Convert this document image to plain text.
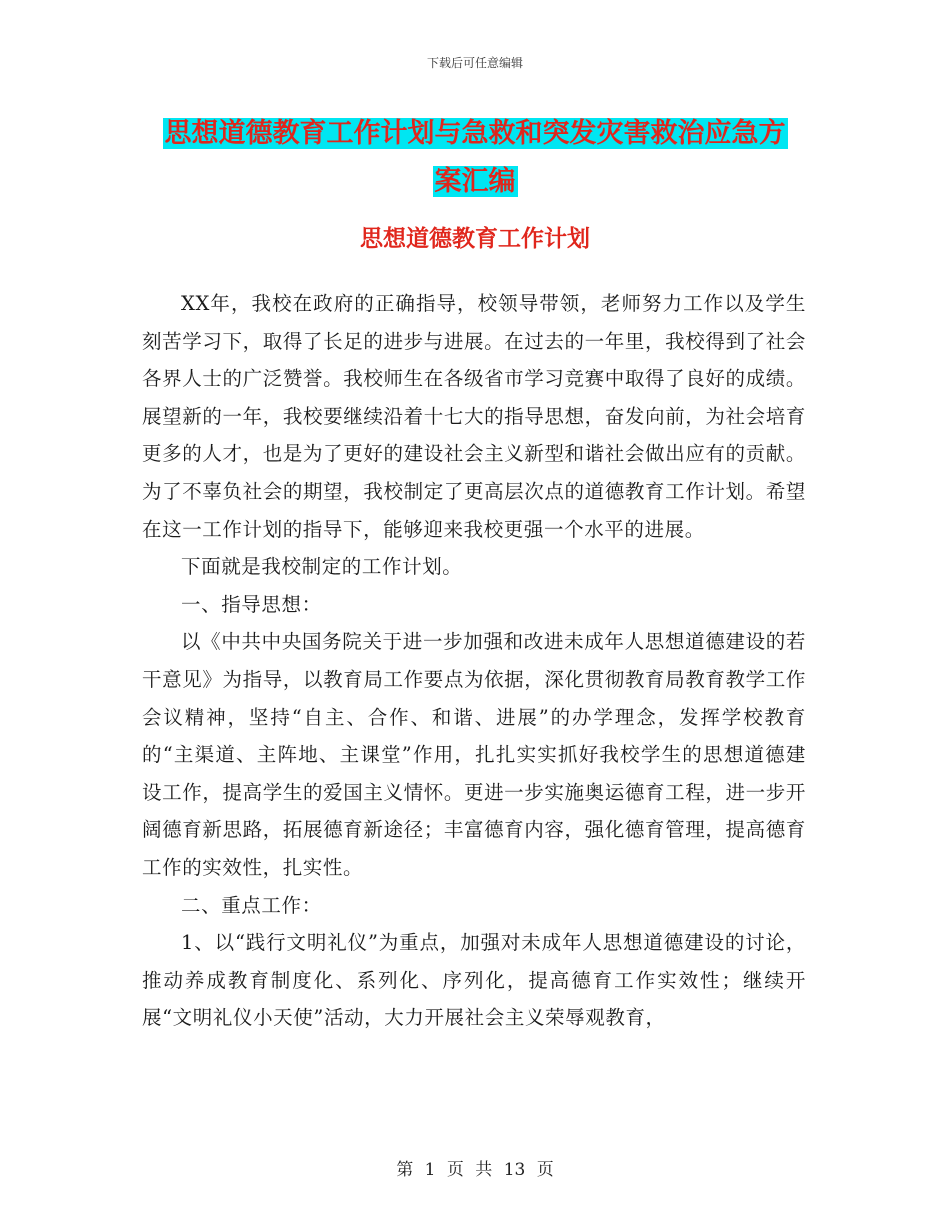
下载后可任意编辑
思想道德教育工作计划与急救和突发灾害救治应急方
案汇编
思想道德教育工作计划

XX年，我校在政府的正确指导，校领导带领，老师努力工作以及学生刻苦学习下，取得了长足的进步与进展。在过去的一年里，我校得到了社会各界人士的广泛赞誉。我校师生在各级省市学习竞赛中取得了良好的成绩。展望新的一年，我校要继续沿着十七大的指导思想，奋发向前，为社会培育更多的人才，也是为了更好的建设社会主义新型和谐社会做出应有的贡献。为了不辜负社会的期望，我校制定了更高层次点的道德教育工作计划。希望在这一工作计划的指导下，能够迎来我校更强一个水平的进展。

下面就是我校制定的工作计划。

一、指导思想：

以《中共中央国务院关于进一步加强和改进未成年人思想道德建设的若干意见》为指导，以教育局工作要点为依据，深化贯彻教育局教育教学工作会议精神，坚持“自主、合作、和谐、进展”的办学理念，发挥学校教育的“主渠道、主阵地、主课堂”作用，扎扎实实抓好我校学生的思想道德建设工作，提高学生的爱国主义情怀。更进一步实施奥运德育工程，进一步开阔德育新思路，拓展德育新途径；丰富德育内容，强化德育管理，提高德育工作的实效性，扎实性。

二、重点工作：

1、以“践行文明礼仪”为重点，加强对未成年人思想道德建设的讨论，推动养成教育制度化、系列化、序列化，提高德育工作实效性；继续开展“文明礼仪小天使”活动，大力开展社会主义荣辱观教育，

第 1 页 共 13 页
